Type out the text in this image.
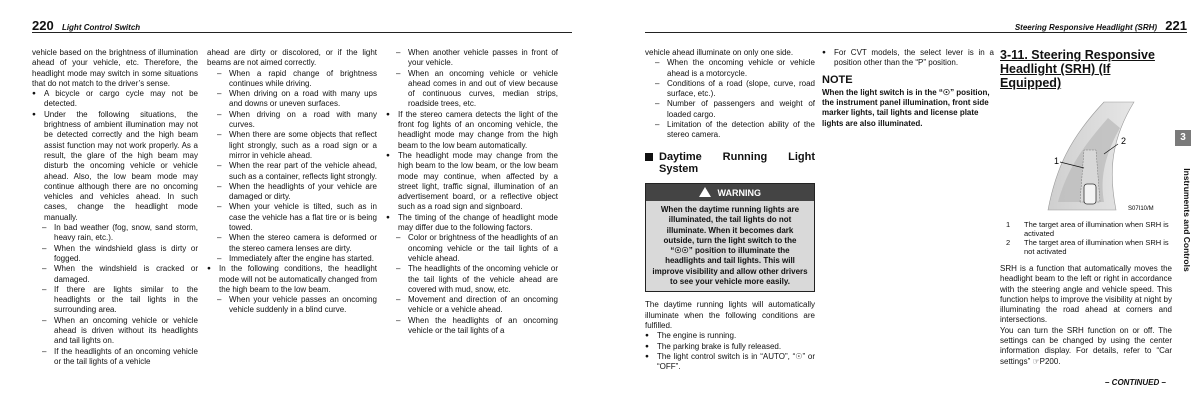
220 Light Control Switch

vehicle based on the brightness of illumination ahead of your vehicle, etc. Therefore, the headlight mode may switch in some situations that do not match to the driver’s sense.

● A bicycle or cargo cycle may not be detected.

● Under the following situations, the brightness of ambient illumination may not be detected correctly and the high beam assist function may not work properly. As a result, the glare of the high beam may disturb the oncoming vehicle or vehicle ahead. Also, the low beam mode may continue although there are no oncoming vehicles and vehicles ahead. In such cases, change the headlight mode manually.

– In bad weather (fog, snow, sand storm, heavy rain, etc.).

– When the windshield glass is dirty or fogged.

– When the windshield is cracked or damaged.

– If there are lights similar to the headlights or the tail lights in the surrounding area.

– When an oncoming vehicle or vehicle ahead is driven without its headlights and tail lights on.

– If the headlights of an oncoming vehicle or the tail lights of a vehicle

ahead are dirty or discolored, or if the light beams are not aimed correctly.

– When a rapid change of brightness continues while driving.

– When driving on a road with many ups and downs or uneven surfaces.

– When driving on a road with many curves.

– When there are some objects that reflect light strongly, such as a road sign or a mirror in vehicle ahead.

– When the rear part of the vehicle ahead, such as a container, reflects light strongly.

– When the headlights of your vehicle are damaged or dirty.

– When your vehicle is tilted, such as in case the vehicle has a flat tire or is being towed.

– When the stereo camera is deformed or the stereo camera lenses are dirty.

– Immediately after the engine has started.

● In the following conditions, the headlight mode will not be automatically changed from the high beam to the low beam.

– When your vehicle passes an oncoming vehicle suddenly in a blind curve.

– When another vehicle passes in front of your vehicle.

– When an oncoming vehicle or vehicle ahead comes in and out of view because of continuous curves, median strips, roadside trees, etc.

● If the stereo camera detects the light of the front fog lights of an oncoming vehicle, the headlight mode may change from the high beam to the low beam automatically.

● The headlight mode may change from the high beam to the low beam, or the low beam mode may continue, when affected by a street light, traffic signal, illumination of an advertisement board, or a reflective object such as a road sign and signboard.

● The timing of the change of headlight mode may differ due to the following factors.

– Color or brightness of the headlights of an oncoming vehicle or the tail lights of a vehicle ahead.

– The headlights of the oncoming vehicle or the tail lights of the vehicle ahead are covered with mud, snow, etc.

– Movement and direction of an oncoming vehicle or a vehicle ahead.

– When the headlights of an oncoming vehicle or the tail lights of a

Steering Responsive Headlight (SRH) 221

vehicle ahead illuminate on only one side.

– When the oncoming vehicle or vehicle ahead is a motorcycle.

– Conditions of a road (slope, curve, road surface, etc.).

– Number of passengers and weight of loaded cargo.

– Limitation of the detection ability of the stereo camera.

Daytime Running Light System
WARNING
When the daytime running lights are illuminated, the tail lights do not illuminate. When it becomes dark outside, turn the light switch to the “☉☉” position to illuminate the headlights and tail lights. This will improve visibility and allow other drivers to see your vehicle more easily.

The daytime running lights will automatically illuminate when the following conditions are fulfilled.

● The engine is running.

● The parking brake is fully released.

● The light control switch is in “AUTO”, “☉” or “OFF”.

● For CVT models, the select lever is in a position other than the “P” position.

NOTE
When the light switch is in the “☉” position, the instrument panel illumination, front side marker lights, tail lights and license plate lights are also illuminated.
3-11. Steering Responsive Headlight (SRH) (If Equipped)
1
2
S07I10/M
1	The target area of illumination when SRH is activated
2	The target area of illumination when SRH is not activated

SRH is a function that automatically moves the headlight beam to the left or right in accordance with the steering angle and vehicle speed. This function helps to improve the visibility at night by illuminating the road ahead at corners and intersections.

You can turn the SRH function on or off. The settings can be changed by using the center information display. For details, refer to “Car settings” ☞P200.

3
Instruments and Controls
– CONTINUED –
